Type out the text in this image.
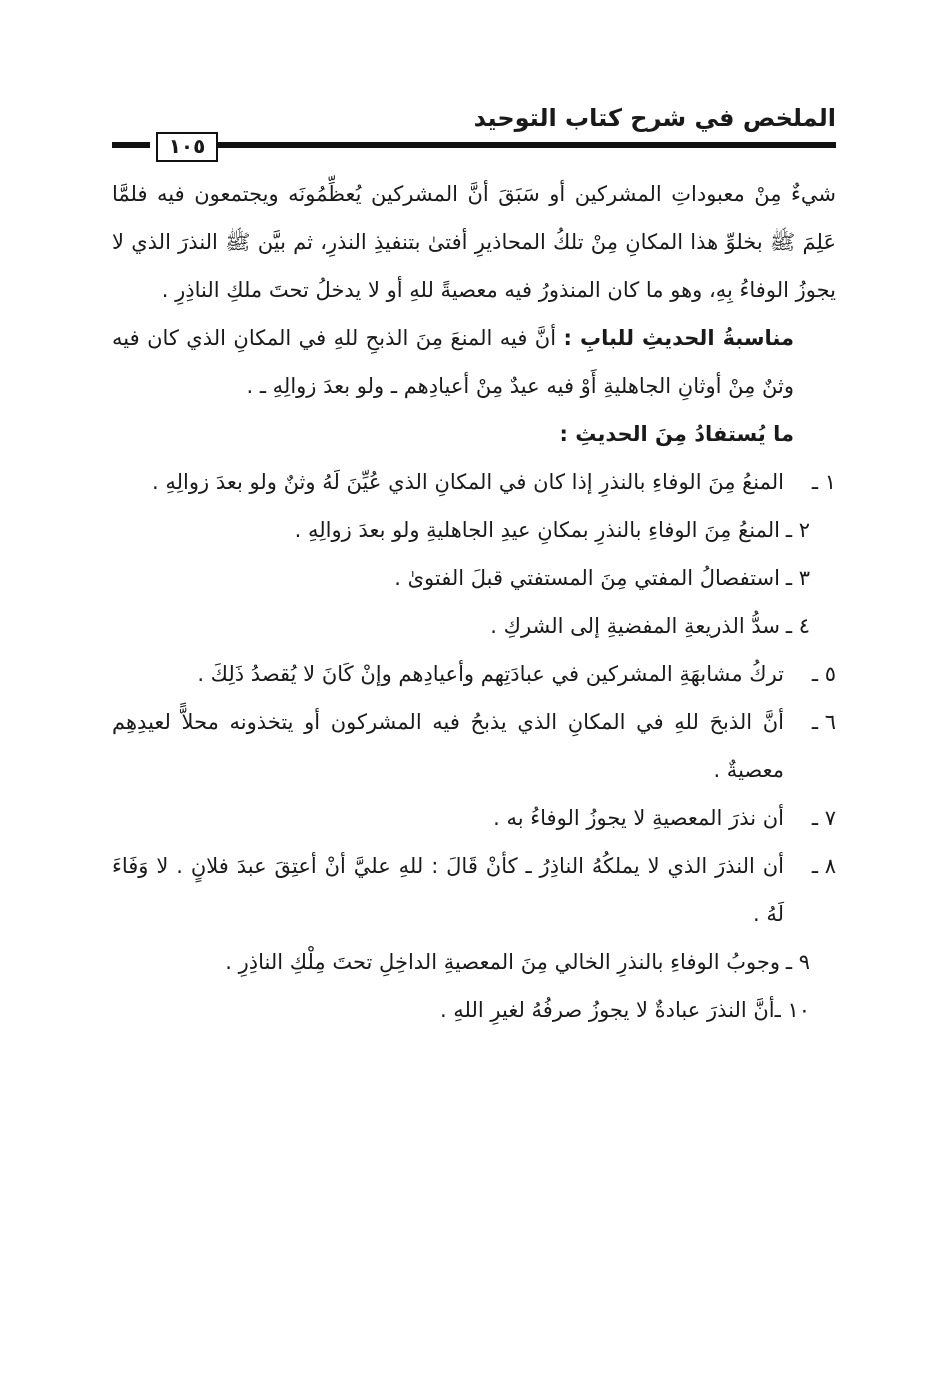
الملخص في شرح كتاب التوحيد
١٠٥

شيءٌ مِنْ معبوداتِ المشركين أو سَبَقَ أنَّ المشركين يُعظِّمُونَه ويجتمعون فيه فلمَّا عَلِمَ ﷺ بخلوِّ هذا المكانِ مِنْ تلكُ المحاذيرِ أفتىٰ بتنفيذِ النذرِ، ثم بيَّن ﷺ النذرَ الذي لا يجوزُ الوفاءُ بِهِ، وهو ما كان المنذورُ فيه معصيةً للهِ أو لا يدخلُ تحتَ ملكِ الناذِرِ .

مناسبةُ الحديثِ للبابِ : أنَّ فيه المنعَ مِنَ الذبحِ للهِ في المكانِ الذي كان فيه وثنٌ مِنْ أوثانِ الجاهليةِ أَوْ فيه عيدٌ مِنْ أعيادِهم ـ ولو بعدَ زوالِهِ ـ .

ما يُستفادُ مِنَ الحديثِ :

١ ـ
المنعُ مِنَ الوفاءِ بالنذرِ إذا كان في المكانِ الذي عُيِّنَ لَهُ وثنٌ ولو بعدَ زوالِهِ .
٢ ـ
المنعُ مِنَ الوفاءِ بالنذرِ بمكانِ عيدِ الجاهليةِ ولو بعدَ زوالِهِ .
٣ ـ
استفصالُ المفتي مِنَ المستفتي قبلَ الفتوىٰ .
٤ ـ
سدُّ الذريعةِ المفضيةِ إلى الشركِ .
٥ ـ
تركُ مشابهَةِ المشركين في عبادَتِهم وأعيادِهم وإنْ كَانَ لا يُقصدُ ذَلِكَ .
٦ ـ
أنَّ الذبحَ للهِ في المكانِ الذي يذبحُ فيه المشركون أو يتخذونه محلاًّ لعيدِهِم معصيةٌ .
٧ ـ
أن نذرَ المعصيةِ لا يجوزُ الوفاءُ به .
٨ ـ
أن النذرَ الذي لا يملكُهُ الناذِرُ ـ كأنْ قَالَ : للهِ عليَّ أنْ أعتِقَ عبدَ فلانٍ . لا وَفَاءَ لَهُ .
٩ ـ
وجوبُ الوفاءِ بالنذرِ الخالي مِنَ المعصيةِ الداخِلِ تحتَ مِلْكِ الناذِرِ .
١٠ ـ
أنَّ النذرَ عبادةٌ لا يجوزُ صرفُهُ لغيرِ اللهِ .
